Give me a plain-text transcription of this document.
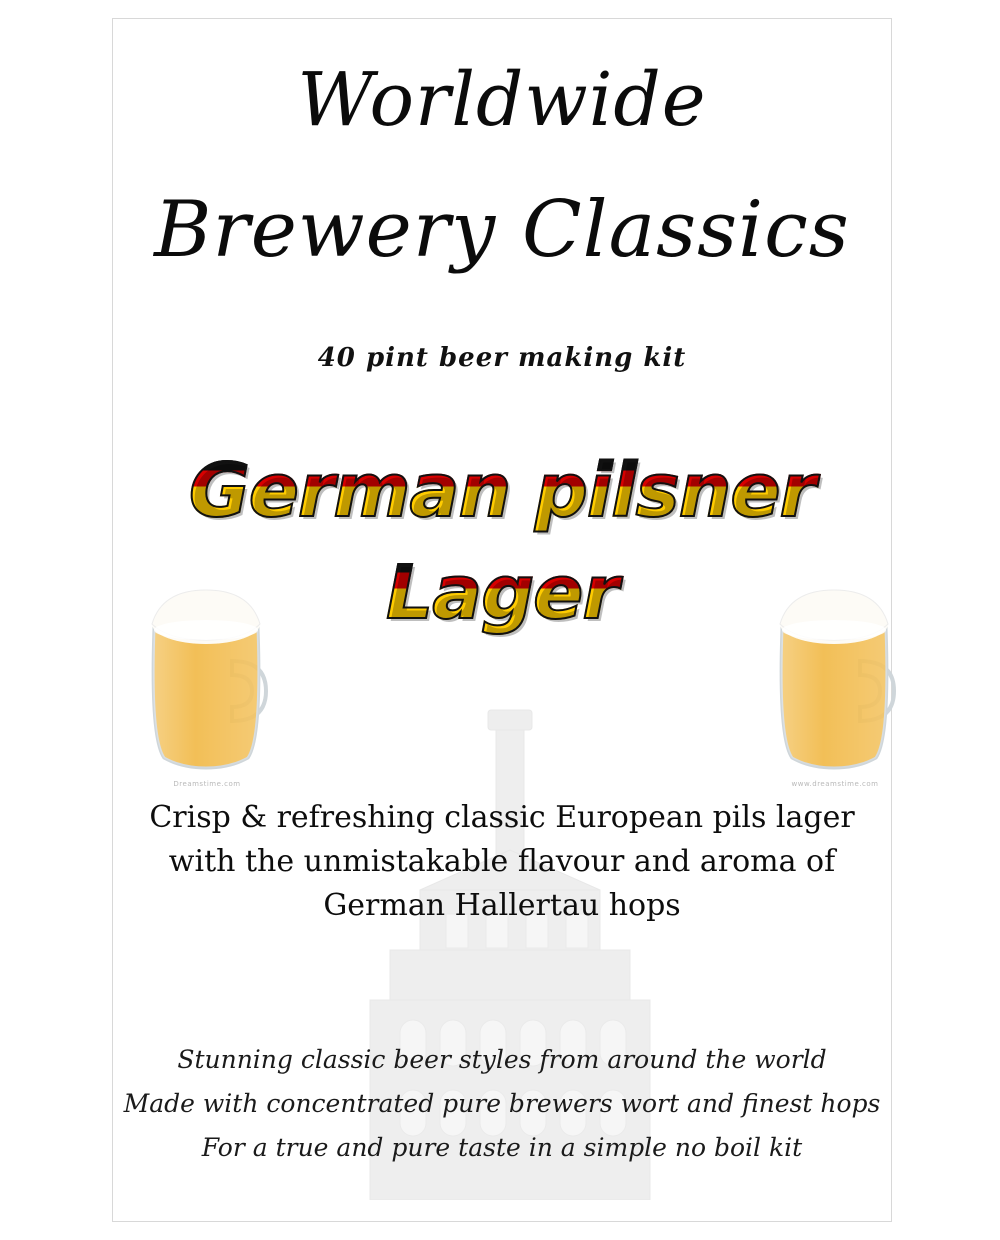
Worldwide
Brewery Classics
40 pint beer making kit
German pilsner
Lager
Dreamstime.com	www.dreamstime.com
Crisp & refreshing classic European pils lager
with the unmistakable flavour and aroma of
German Hallertau hops
Stunning classic beer styles from around the world
Made with concentrated pure brewers wort and finest hops
For a true and pure taste in a simple no boil kit
